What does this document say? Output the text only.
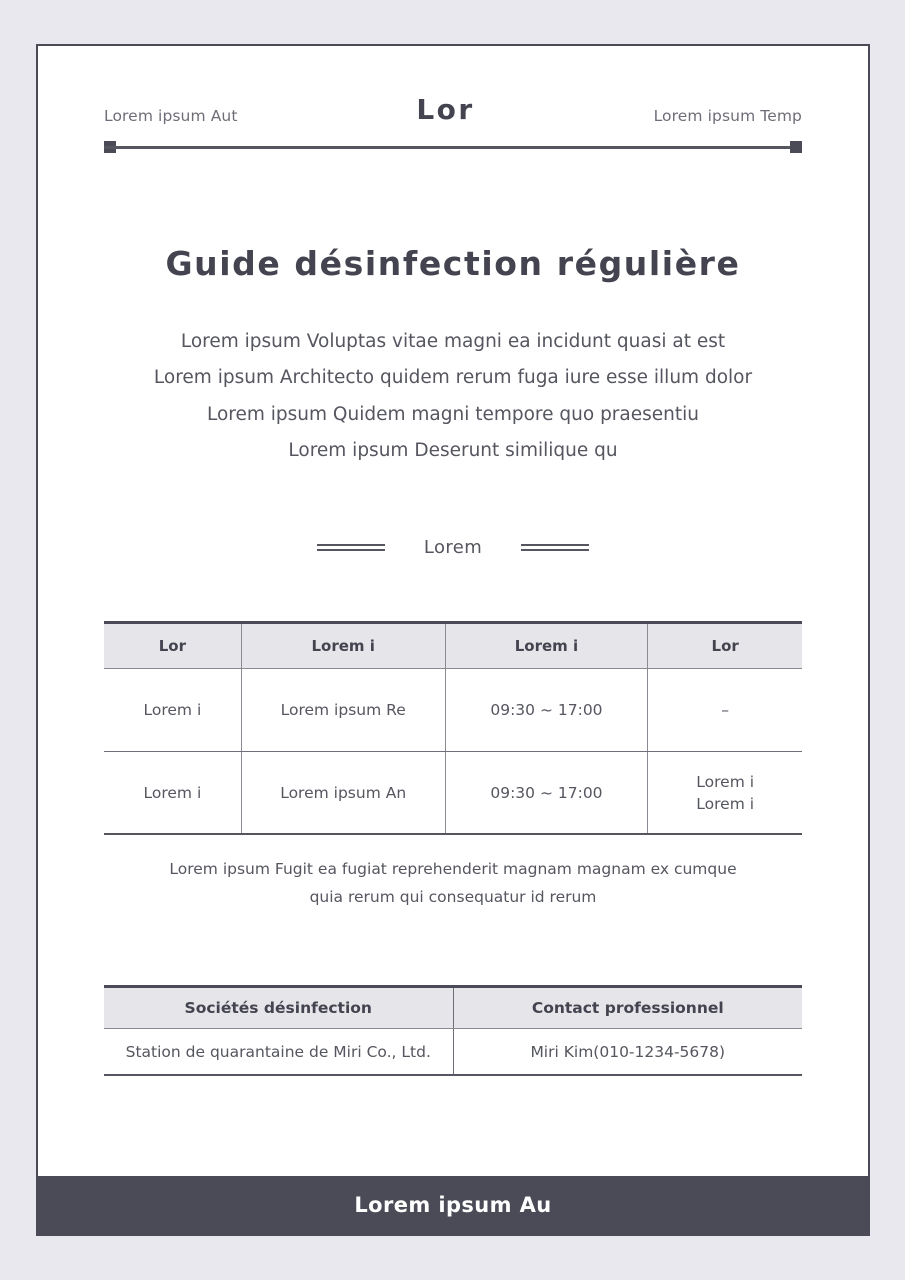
Lorem ipsum Aut	Lor	Lorem ipsum Temp
Guide désinfection régulière
Lorem ipsum Voluptas vitae magni ea incidunt quasi at est
Lorem ipsum Architecto quidem rerum fuga iure esse illum dolor
Lorem ipsum Quidem magni tempore quo praesentiu
Lorem ipsum Deserunt similique qu
Lorem
Lor	Lorem i	Lorem i	Lor
Lorem i	Lorem ipsum Re	09:30 ~ 17:00	–

Lorem i	Lorem ipsum An	09:30 ~ 17:00	Lorem i
Lorem i
Lorem ipsum Fugit ea fugiat reprehenderit magnam magnam ex cumque
quia rerum qui consequatur id rerum
Sociétés désinfection	Contact professionnel
Station de quarantaine de Miri Co., Ltd.	Miri Kim(010-1234-5678)
Lorem ipsum Au
